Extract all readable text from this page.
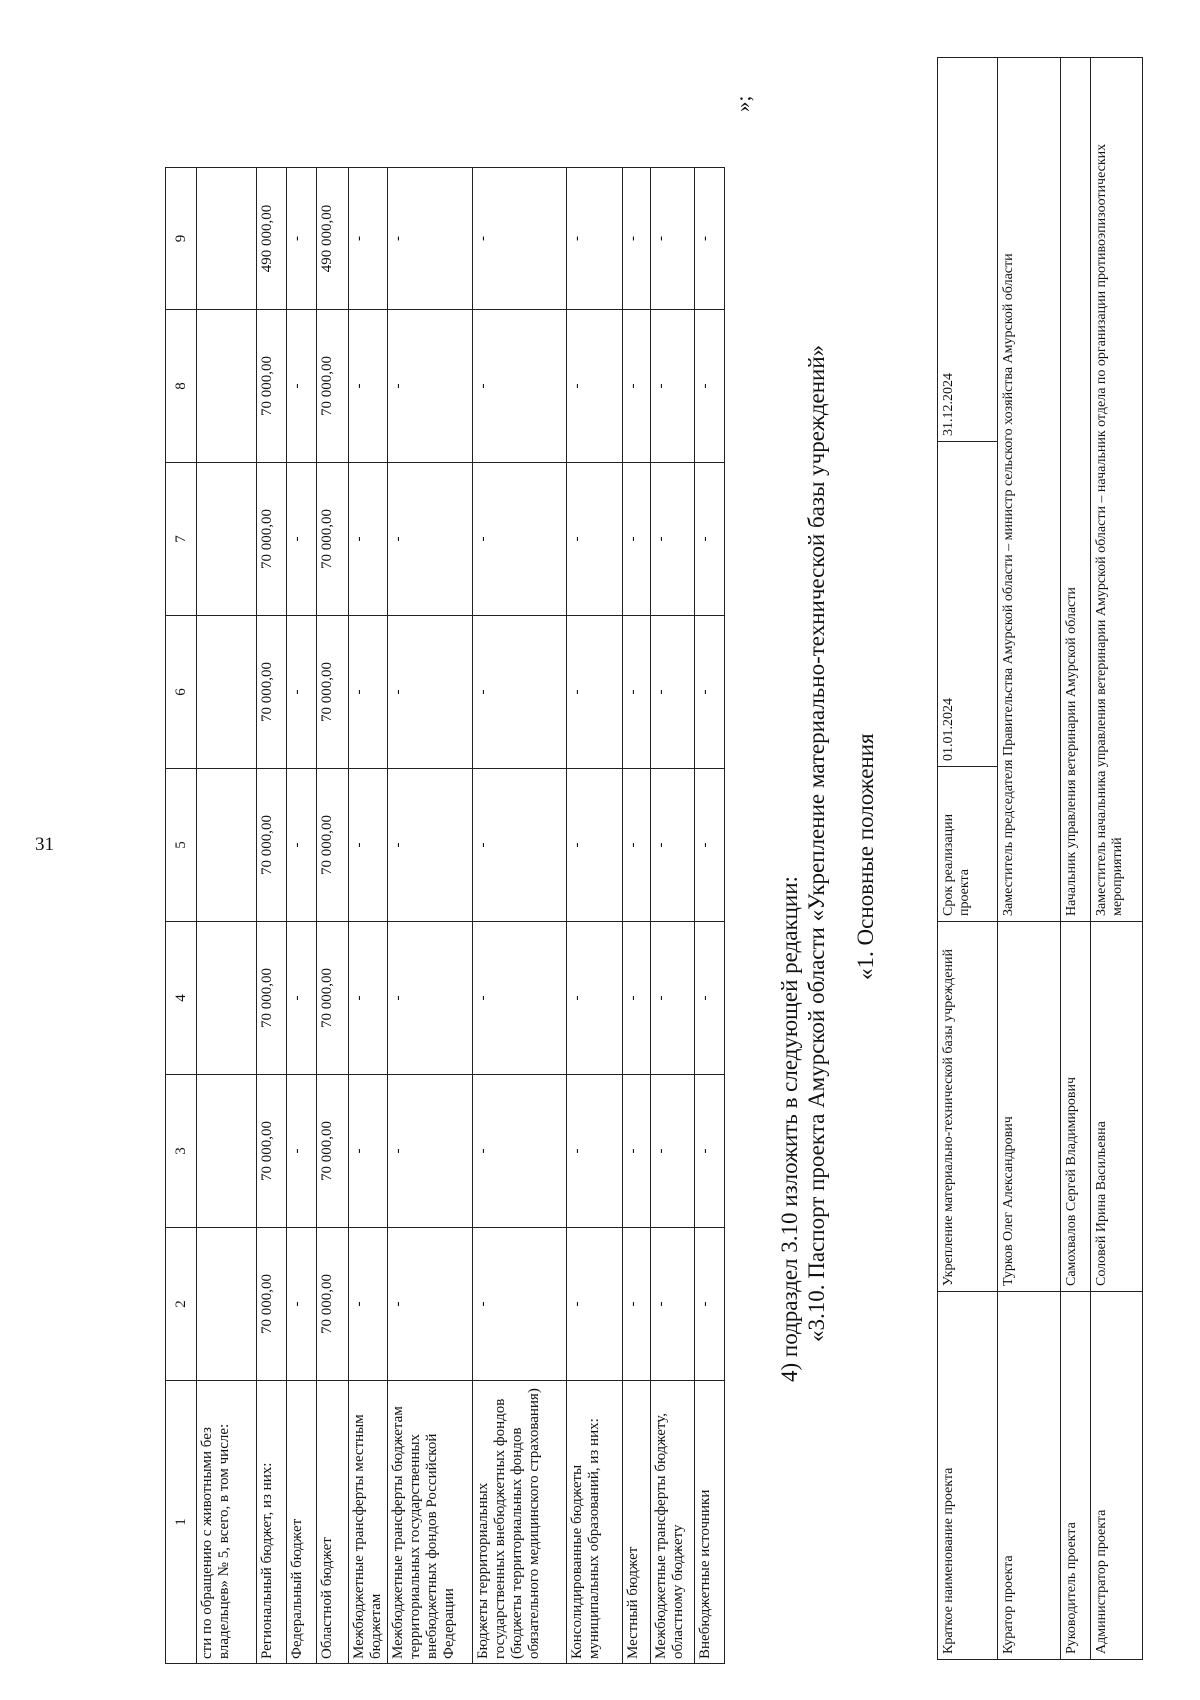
31
1	2	3	4	5	6	7	8	9
сти по обращению с животными без владельцев» № 5, всего, в том числе:								
Региональный бюджет, из них:	70 000,00	70 000,00	70 000,00	70 000,00	70 000,00	70 000,00	70 000,00	490 000,00
Федеральный бюджет	-	-	-	-	-	-	-	-
Областной бюджет	70 000,00	70 000,00	70 000,00	70 000,00	70 000,00	70 000,00	70 000,00	490 000,00
Межбюджетные трансферты местным бюджетам	-	-	-	-	-	-	-	-
Межбюджетные трансферты бюджетам территориальных государственных внебюджетных фондов Российской Федерации	-	-	-	-	-	-	-	-
Бюджеты территориальных государственных внебюджетных фондов (бюджеты территориальных фондов обязательного медицинского страхования)	-	-	-	-	-	-	-	-
Консолидированные бюджеты муниципальных образований, из них:	-	-	-	-	-	-	-	-
Местный бюджет	-	-	-	-	-	-	-	-
Межбюджетные трансферты бюджету, областному бюджету	-	-	-	-	-	-	-	-
Внебюджетные источники	-	-	-	-	-	-	-	-
»;
4) подраздел 3.10 изложить в следующей редакции: «3.10. Паспорт проекта Амурской области «Укрепление материально-технической базы учреждений» «1. Основные положения
Краткое наименование проекта	Укрепление материально-технической базы учреждений	Срок реализации проекта	01.01.2024	31.12.2024
Куратор проекта	Турков Олег Александрович	Заместитель председателя Правительства Амурской области – министр сельского хозяйства Амурской области		
Руководитель проекта	Самохвалов Сергей Владимирович	Начальник управления ветеринарии Амурской области		
Администратор проекта	Соловей Ирина Васильевна	Заместитель начальника управления ветеринарии Амурской области – начальник отдела по организации противоэпизоотических мероприятий		
